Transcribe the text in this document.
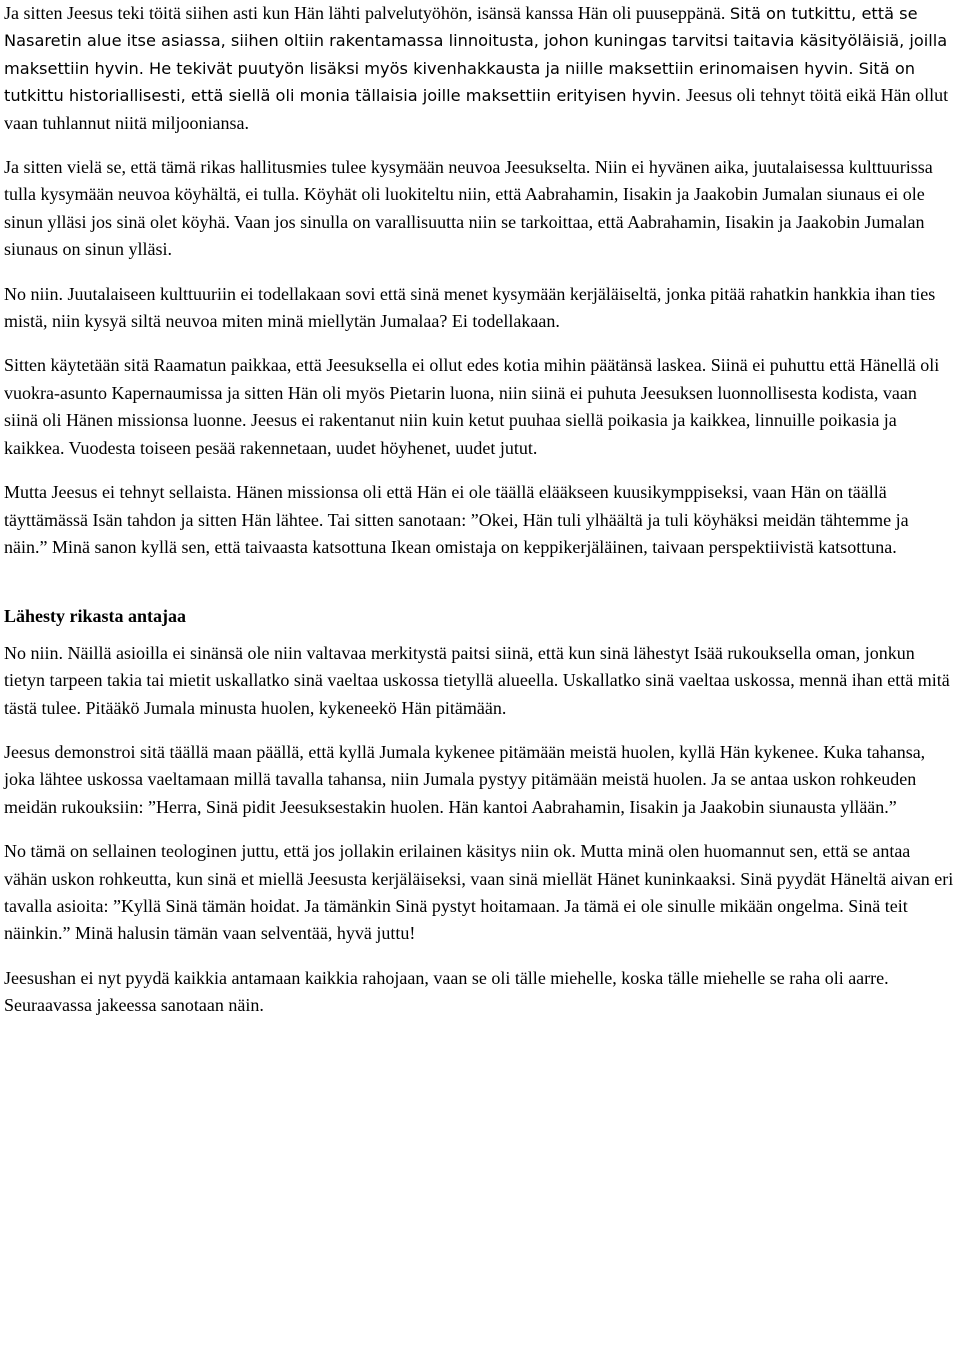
Ja sitten Jeesus teki töitä siihen asti kun Hän lähti palvelutyöhön, isänsä kanssa Hän oli puuseppänä. Sitä on tutkittu, että se Nasaretin alue itse asiassa, siihen oltiin rakentamassa linnoitusta, johon kuningas tarvitsi taitavia käsityöläisiä, joilla maksettiin hyvin. He tekivät puutyön lisäksi myös kivenhakkausta ja niille maksettiin erinomaisen hyvin. Sitä on tutkittu historiallisesti, että siellä oli monia tällaisia joille maksettiin erityisen hyvin. Jeesus oli tehnyt töitä eikä Hän ollut vaan tuhlannut niitä miljooniansa.

Ja sitten vielä se, että tämä rikas hallitusmies tulee kysymään neuvoa Jeesukselta. Niin ei hyvänen aika, juutalaisessa kulttuurissa tulla kysymään neuvoa köyhältä, ei tulla. Köyhät oli luokiteltu niin, että Aabrahamin, Iisakin ja Jaakobin Jumalan siunaus ei ole sinun ylläsi jos sinä olet köyhä. Vaan jos sinulla on varallisuutta niin se tarkoittaa, että Aabrahamin, Iisakin ja Jaakobin Jumalan siunaus on sinun ylläsi.

No niin. Juutalaiseen kulttuuriin ei todellakaan sovi että sinä menet kysymään kerjäläiseltä, jonka pitää rahatkin hankkia ihan ties mistä, niin kysyä siltä neuvoa miten minä miellytän Jumalaa? Ei todellakaan.

Sitten käytetään sitä Raamatun paikkaa, että Jeesuksella ei ollut edes kotia mihin päätänsä laskea. Siinä ei puhuttu että Hänellä oli vuokra-asunto Kapernaumissa ja sitten Hän oli myös Pietarin luona, niin siinä ei puhuta Jeesuksen luonnollisesta kodista, vaan siinä oli Hänen missionsa luonne. Jeesus ei rakentanut niin kuin ketut puuhaa siellä poikasia ja kaikkea, linnuille poikasia ja kaikkea. Vuodesta toiseen pesää rakennetaan, uudet höyhenet, uudet jutut.

Mutta Jeesus ei tehnyt sellaista. Hänen missionsa oli että Hän ei ole täällä elääkseen kuusikymppiseksi, vaan Hän on täällä täyttämässä Isän tahdon ja sitten Hän lähtee. Tai sitten sanotaan: ”Okei, Hän tuli ylhäältä ja tuli köyhäksi meidän tähtemme ja näin.” Minä sanon kyllä sen, että taivaasta katsottuna Ikean omistaja on keppikerjäläinen, taivaan perspektiivistä katsottuna.

Lähesty rikasta antajaa

No niin. Näillä asioilla ei sinänsä ole niin valtavaa merkitystä paitsi siinä, että kun sinä lähestyt Isää rukouksella oman, jonkun tietyn tarpeen takia tai mietit uskallatko sinä vaeltaa uskossa tietyllä alueella. Uskallatko sinä vaeltaa uskossa, mennä ihan että mitä tästä tulee. Pitääkö Jumala minusta huolen, kykeneekö Hän pitämään.

Jeesus demonstroi sitä täällä maan päällä, että kyllä Jumala kykenee pitämään meistä huolen, kyllä Hän kykenee. Kuka tahansa, joka lähtee uskossa vaeltamaan millä tavalla tahansa, niin Jumala pystyy pitämään meistä huolen. Ja se antaa uskon rohkeuden meidän rukouksiin: ”Herra, Sinä pidit Jeesuksestakin huolen. Hän kantoi Aabrahamin, Iisakin ja Jaakobin siunausta yllään.”

No tämä on sellainen teologinen juttu, että jos jollakin erilainen käsitys niin ok. Mutta minä olen huomannut sen, että se antaa vähän uskon rohkeutta, kun sinä et miellä Jeesusta kerjäläiseksi, vaan sinä miellät Hänet kuninkaaksi. Sinä pyydät Häneltä aivan eri tavalla asioita: ”Kyllä Sinä tämän hoidat. Ja tämänkin Sinä pystyt hoitamaan. Ja tämä ei ole sinulle mikään ongelma. Sinä teit näinkin.” Minä halusin tämän vaan selventää, hyvä juttu!

Jeesushan ei nyt pyydä kaikkia antamaan kaikkia rahojaan, vaan se oli tälle miehelle, koska tälle miehelle se raha oli aarre. Seuraavassa jakeessa sanotaan näin.
